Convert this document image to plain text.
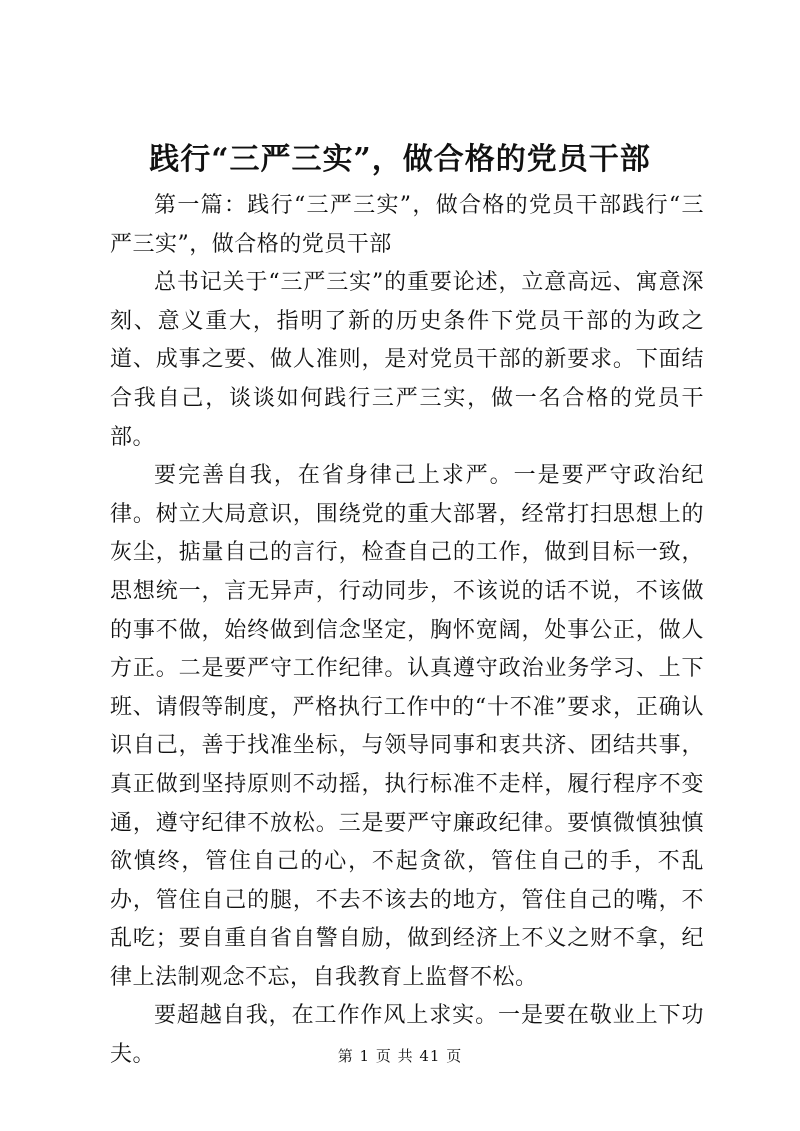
践行“三严三实”，做合格的党员干部

第一篇：践行“三严三实”，做合格的党员干部践行“三严三实”，做合格的党员干部

总书记关于“三严三实”的重要论述，立意高远、寓意深刻、意义重大，指明了新的历史条件下党员干部的为政之道、成事之要、做人准则，是对党员干部的新要求。下面结合我自己，谈谈如何践行三严三实，做一名合格的党员干部。

要完善自我，在省身律己上求严。一是要严守政治纪律。树立大局意识，围绕党的重大部署，经常打扫思想上的灰尘，掂量自己的言行，检查自己的工作，做到目标一致，思想统一，言无异声，行动同步，不该说的话不说，不该做的事不做，始终做到信念坚定，胸怀宽阔，处事公正，做人方正。二是要严守工作纪律。认真遵守政治业务学习、上下班、请假等制度，严格执行工作中的“十不准”要求，正确认识自己，善于找准坐标，与领导同事和衷共济、团结共事，真正做到坚持原则不动摇，执行标准不走样，履行程序不变通，遵守纪律不放松。三是要严守廉政纪律。要慎微慎独慎欲慎终，管住自己的心，不起贪欲，管住自己的手，不乱办，管住自己的腿，不去不该去的地方，管住自己的嘴，不乱吃；要自重自省自警自励，做到经济上不义之财不拿，纪律上法制观念不忘，自我教育上监督不松。

要超越自我，在工作作风上求实。一是要在敬业上下功夫。	第 1 页 共 41 页
